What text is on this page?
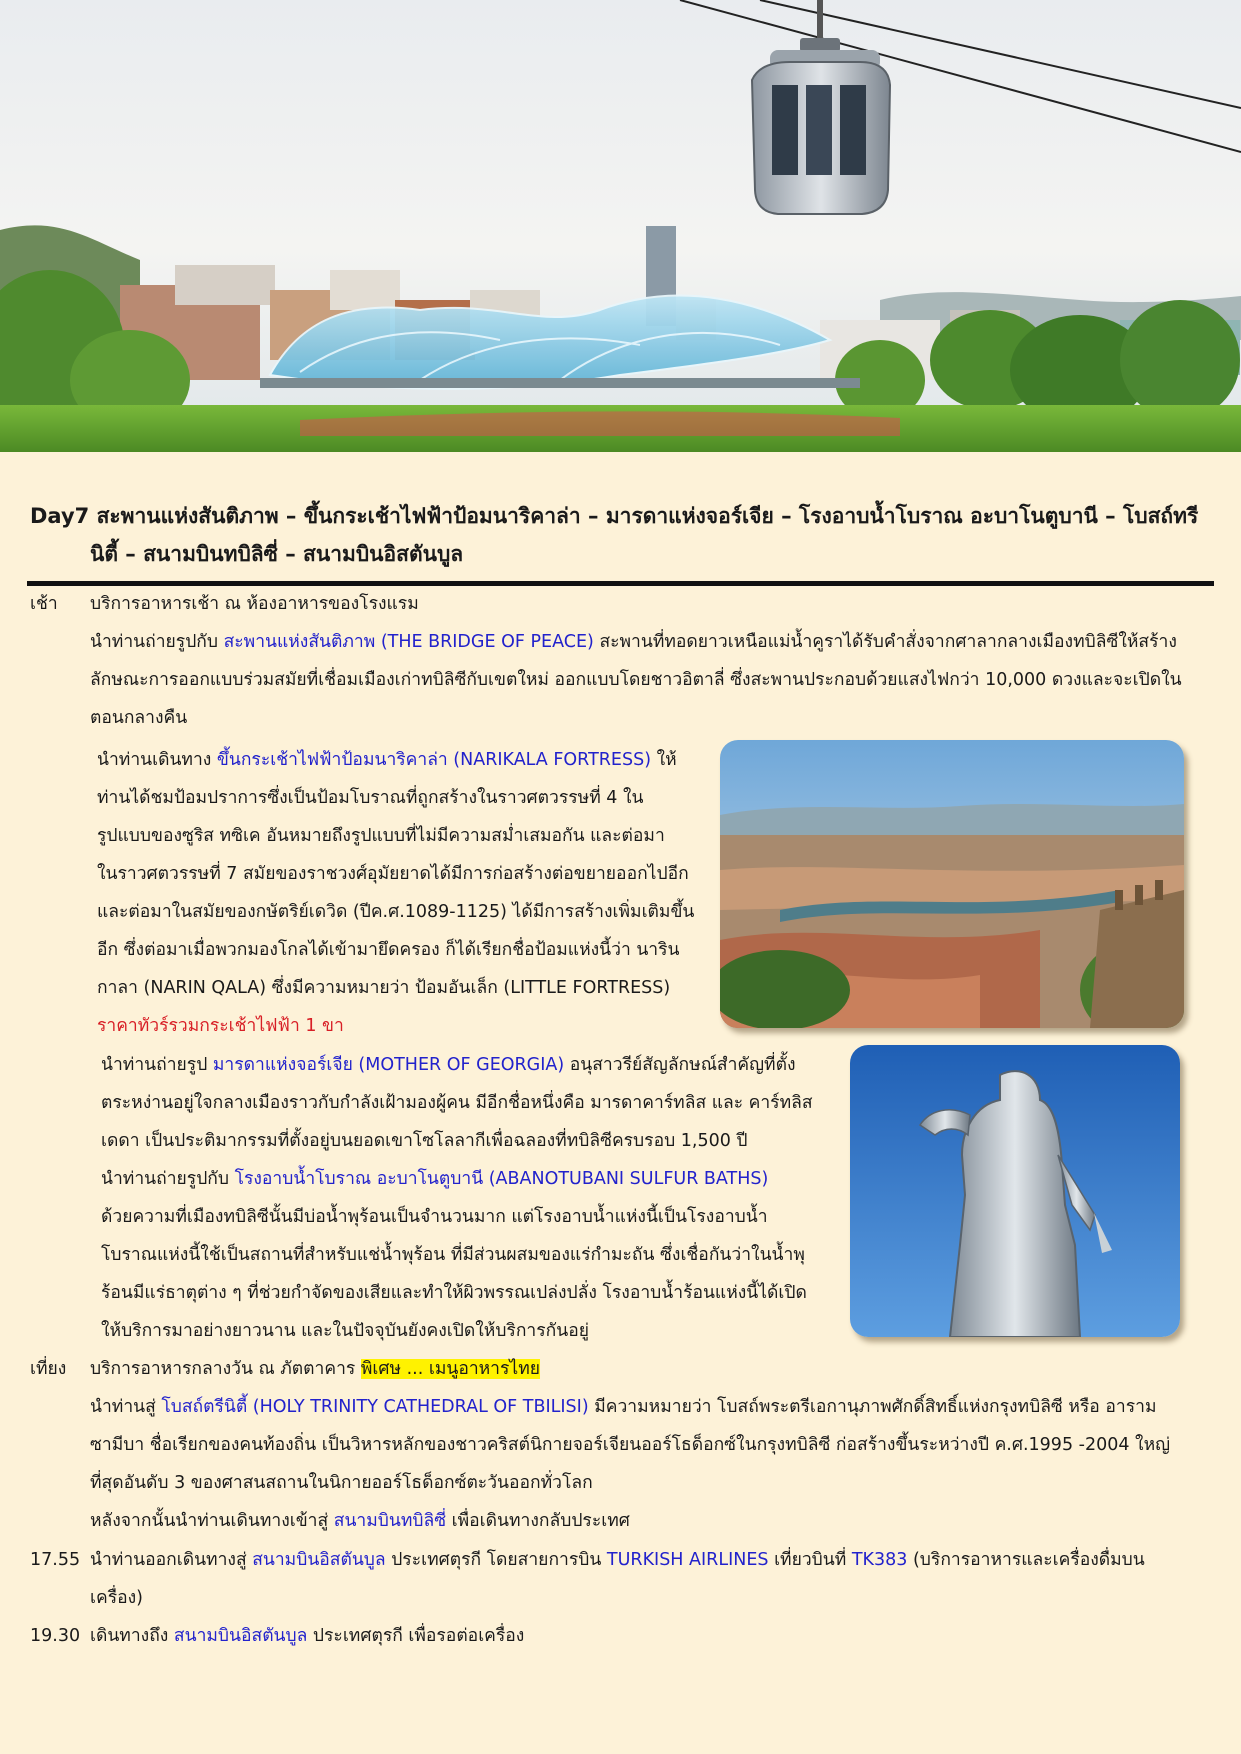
Day7 สะพานแห่งสันติภาพ – ขึ้นกระเช้าไฟฟ้าป้อมนาริคาล่า – มารดาแห่งจอร์เจีย – โรงอาบน้ำโบราณ อะบาโนตูบานี – โบสถ์ทรี
นิตี้ – สนามบินทบิลิซี่ – สนามบินอิสตันบูล
เช้า	บริการอาหารเช้า ณ ห้องอาหารของโรงแรม
นำท่านถ่ายรูปกับ สะพานแห่งสันติภาพ (THE BRIDGE OF PEACE) สะพานที่ทอดยาวเหนือแม่น้ำคูราได้รับคำสั่งจากศาลากลางเมืองทบิลิซีให้สร้าง
ลักษณะการออกแบบร่วมสมัยที่เชื่อมเมืองเก่าทบิลิซีกับเขตใหม่ ออกแบบโดยชาวอิตาลี่ ซึ่งสะพานประกอบด้วยแสงไฟกว่า 10,000 ดวงและจะเปิดใน
ตอนกลางคืน
นำท่านเดินทาง ขึ้นกระเช้าไฟฟ้าป้อมนาริคาล่า (NARIKALA FORTRESS) ให้
ท่านได้ชมป้อมปราการซึ่งเป็นป้อมโบราณที่ถูกสร้างในราวศตวรรษที่ 4 ใน
รูปแบบของซูริส ทซิเค อันหมายถึงรูปแบบที่ไม่มีความสม่ำเสมอกัน และต่อมา
ในราวศตวรรษที่ 7 สมัยของราชวงศ์อุมัยยาดได้มีการก่อสร้างต่อขยายออกไปอีก
และต่อมาในสมัยของกษัตริย์เดวิด (ปีค.ศ.1089-1125) ได้มีการสร้างเพิ่มเติมขึ้น
อีก ซึ่งต่อมาเมื่อพวกมองโกลได้เข้ามายึดครอง ก็ได้เรียกชื่อป้อมแห่งนี้ว่า นาริน
กาลา (NARIN QALA) ซึ่งมีความหมายว่า ป้อมอันเล็ก (LITTLE FORTRESS)
ราคาทัวร์รวมกระเช้าไฟฟ้า 1 ขา
นำท่านถ่ายรูป มารดาแห่งจอร์เจีย (MOTHER OF GEORGIA) อนุสาวรีย์สัญลักษณ์สำคัญที่ตั้ง
ตระหง่านอยู่ใจกลางเมืองราวกับกำลังเฝ้ามองผู้คน มีอีกชื่อหนึ่งคือ มารดาคาร์ทลิส และ คาร์ทลิส
เดดา เป็นประติมากรรมที่ตั้งอยู่บนยอดเขาโซโลลากีเพื่อฉลองที่ทบิลิซีครบรอบ 1,500 ปี
นำท่านถ่ายรูปกับ โรงอาบน้ำโบราณ อะบาโนตูบานี (ABANOTUBANI SULFUR BATHS)
ด้วยความที่เมืองทบิลิซีนั้นมีบ่อน้ำพุร้อนเป็นจำนวนมาก แต่โรงอาบน้ำแห่งนี้เป็นโรงอาบน้ำ
โบราณแห่งนี้ใช้เป็นสถานที่สำหรับแช่น้ำพุร้อน ที่มีส่วนผสมของแร่กำมะถัน ซึ่งเชื่อกันว่าในน้ำพุ
ร้อนมีแร่ธาตุต่าง ๆ ที่ช่วยกำจัดของเสียและทำให้ผิวพรรณเปล่งปลั่ง โรงอาบน้ำร้อนแห่งนี้ได้เปิด
ให้บริการมาอย่างยาวนาน และในปัจจุบันยังคงเปิดให้บริการกันอยู่
เที่ยง	บริการอาหารกลางวัน ณ ภัตตาคาร พิเศษ ... เมนูอาหารไทย
นำท่านสู่ โบสถ์ตรีนิตี้ (HOLY TRINITY CATHEDRAL OF TBILISI) มีความหมายว่า โบสถ์พระตรีเอกานุภาพศักดิ์สิทธิ์แห่งกรุงทบิลิซี หรือ อาราม
ซามีบา ชื่อเรียกของคนท้องถิ่น เป็นวิหารหลักของชาวคริสต์นิกายจอร์เจียนออร์โธด็อกซ์ในกรุงทบิลิซี ก่อสร้างขึ้นระหว่างปี ค.ศ.1995 -2004 ใหญ่
ที่สุดอันดับ 3 ของศาสนสถานในนิกายออร์โธด็อกซ์ตะวันออกทั่วโลก
หลังจากนั้นนำท่านเดินทางเข้าสู่ สนามบินทบิลิซี่ เพื่อเดินทางกลับประเทศ
17.55 นำท่านออกเดินทางสู่ สนามบินอิสตันบูล ประเทศตุรกี โดยสายการบิน TURKISH AIRLINES เที่ยวบินที่ TK383 (บริการอาหารและเครื่องดื่มบน
เครื่อง)
19.30 เดินทางถึง สนามบินอิสตันบูล ประเทศตุรกี เพื่อรอต่อเครื่อง
